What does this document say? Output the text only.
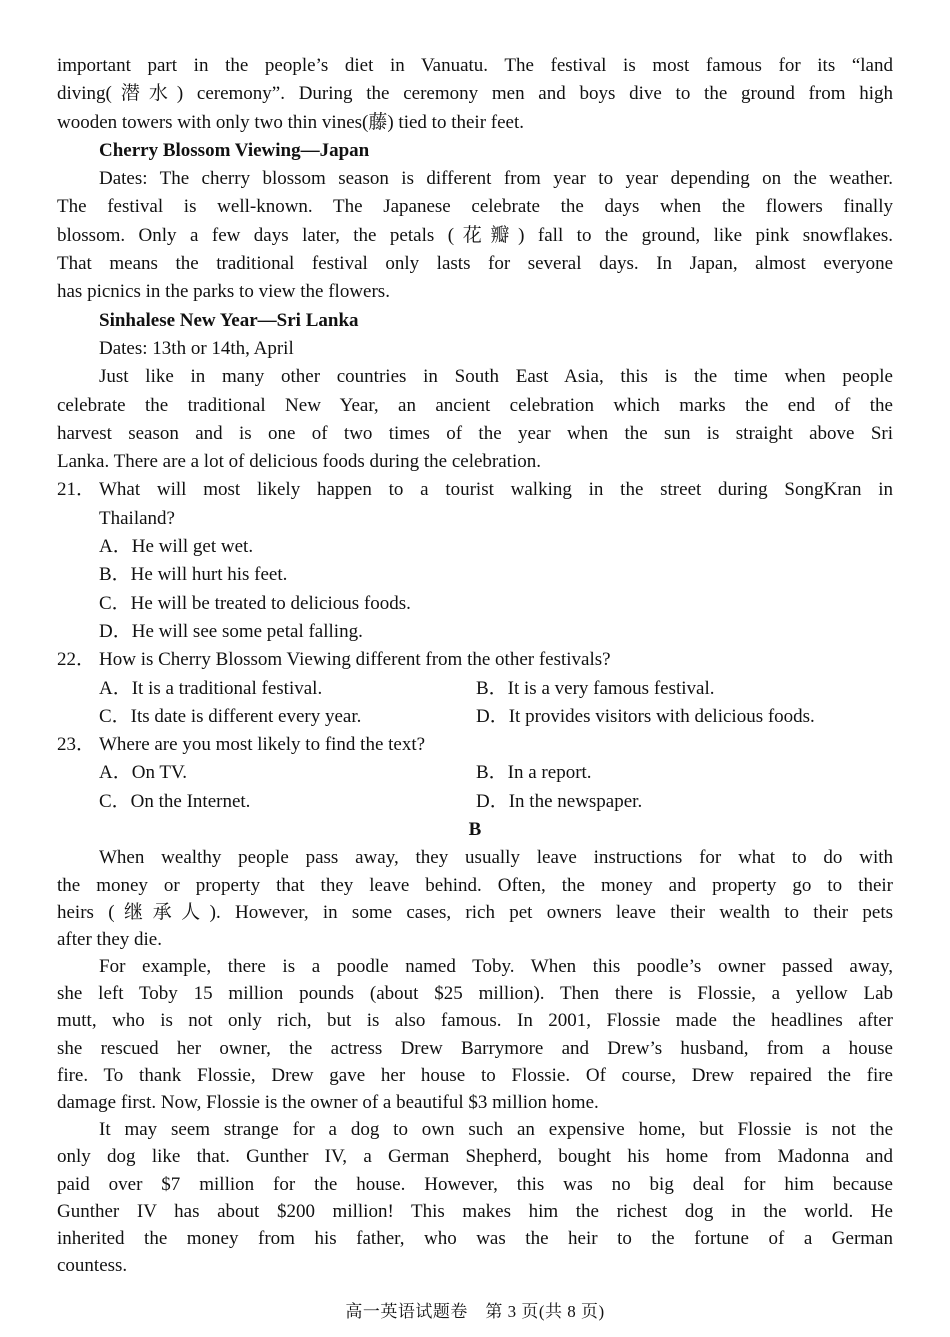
important part in the people’s diet in Vanuatu. The festival is most famous for its “land
diving(潜水) ceremony”. During the ceremony men and boys dive to the ground from high
wooden towers with only two thin vines(藤) tied to their feet.
Cherry Blossom Viewing—Japan
Dates: The cherry blossom season is different from year to year depending on the weather.
The festival is well-known. The Japanese celebrate the days when the flowers finally
blossom. Only a few days later, the petals (花瓣) fall to the ground, like pink snowflakes.
That means the traditional festival only lasts for several days. In Japan, almost everyone
has picnics in the parks to view the flowers.
Sinhalese New Year—Sri Lanka
Dates: 13th or 14th, April
Just like in many other countries in South East Asia, this is the time when people
celebrate the traditional New Year, an ancient celebration which marks the end of the
harvest season and is one of two times of the year when the sun is straight above Sri
Lanka. There are a lot of delicious foods during the celebration.
21． What will most likely happen to a tourist walking in the street during SongKran in
Thailand?
A．He will get wet.
B．He will hurt his feet.
C．He will be treated to delicious foods.
D．He will see some petal falling.
22． How is Cherry Blossom Viewing different from the other festivals?
A．It is a traditional festival.	B．It is a very famous festival.
C．Its date is different every year.	D．It provides visitors with delicious foods.
23． Where are you most likely to find the text?
A．On TV.	B．In a report.
C．On the Internet.	D．In the newspaper.
B
When wealthy people pass away, they usually leave instructions for what to do with
the money or property that they leave behind. Often, the money and property go to their
heirs (继承人). However, in some cases, rich pet owners leave their wealth to their pets
after they die.
For example, there is a poodle named Toby. When this poodle’s owner passed away,
she left Toby 15 million pounds (about $25 million). Then there is Flossie, a yellow Lab
mutt, who is not only rich, but is also famous. In 2001, Flossie made the headlines after
she rescued her owner, the actress Drew Barrymore and Drew’s husband, from a house
fire. To thank Flossie, Drew gave her house to Flossie. Of course, Drew repaired the fire
damage first. Now, Flossie is the owner of a beautiful $3 million home.
It may seem strange for a dog to own such an expensive home, but Flossie is not the
only dog like that. Gunther IV, a German Shepherd, bought his home from Madonna and
paid over $7 million for the house. However, this was no big deal for him because
Gunther IV has about $200 million! This makes him the richest dog in the world. He
inherited the money from his father, who was the heir to the fortune of a German
countess.
高一英语试题卷　第 3 页(共 8 页)
